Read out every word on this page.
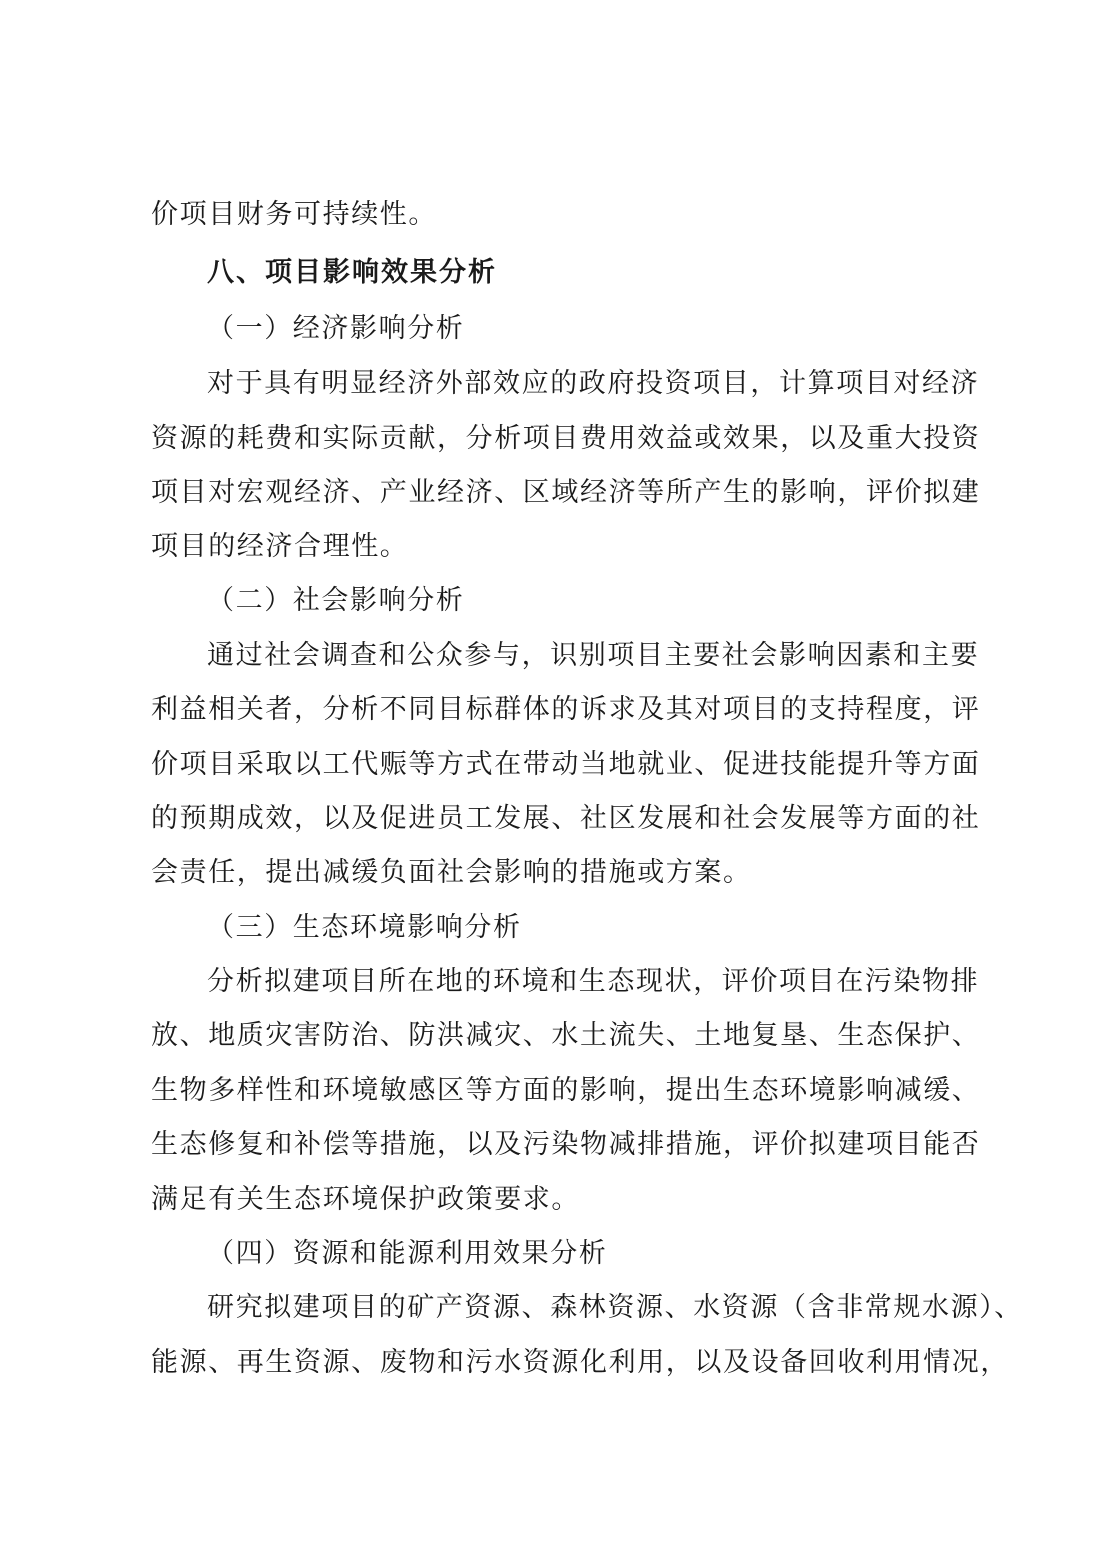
价项目财务可持续性。
八、项目影响效果分析
（一）经济影响分析
对于具有明显经济外部效应的政府投资项目，计算项目对经济
资源的耗费和实际贡献，分析项目费用效益或效果，以及重大投资
项目对宏观经济、产业经济、区域经济等所产生的影响，评价拟建
项目的经济合理性。
（二）社会影响分析
通过社会调查和公众参与，识别项目主要社会影响因素和主要
利益相关者，分析不同目标群体的诉求及其对项目的支持程度，评
价项目采取以工代赈等方式在带动当地就业、促进技能提升等方面
的预期成效，以及促进员工发展、社区发展和社会发展等方面的社
会责任，提出减缓负面社会影响的措施或方案。
（三）生态环境影响分析
分析拟建项目所在地的环境和生态现状，评价项目在污染物排
放、地质灾害防治、防洪减灾、水土流失、土地复垦、生态保护、
生物多样性和环境敏感区等方面的影响，提出生态环境影响减缓、
生态修复和补偿等措施，以及污染物减排措施，评价拟建项目能否
满足有关生态环境保护政策要求。
（四）资源和能源利用效果分析
研究拟建项目的矿产资源、森林资源、水资源（含非常规水源）、
能源、再生资源、废物和污水资源化利用，以及设备回收利用情况，
